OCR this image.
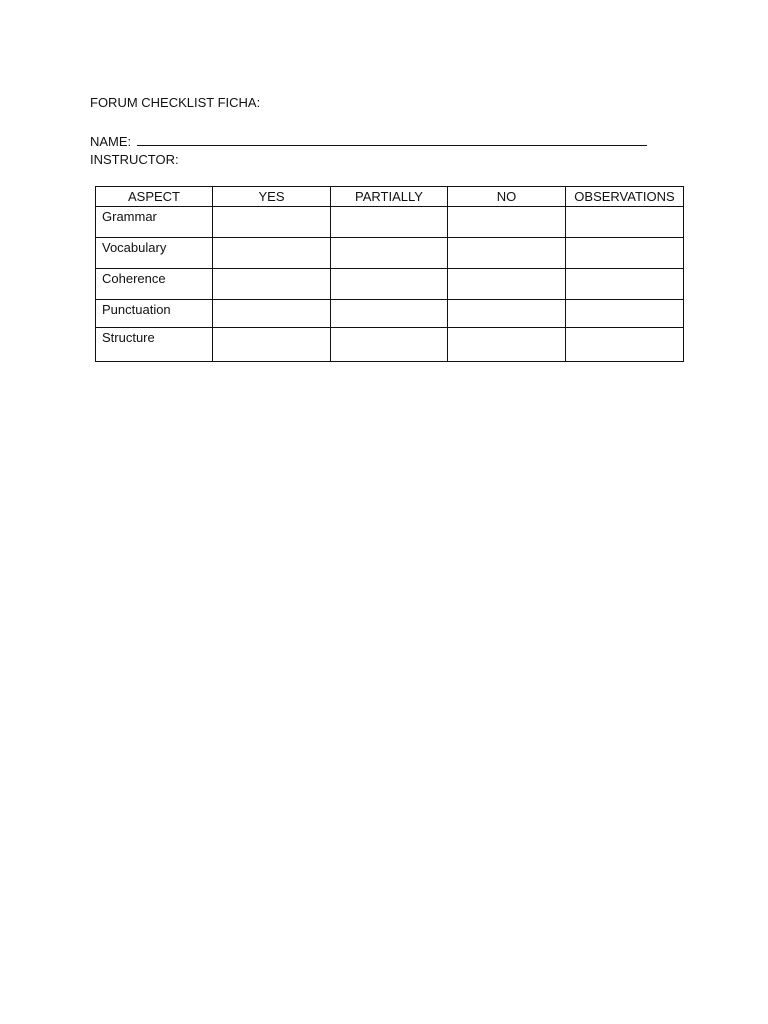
FORUM CHECKLIST FICHA:
NAME:
INSTRUCTOR:
ASPECT	YES	PARTIALLY	NO	OBSERVATIONS
Grammar				
Vocabulary				
Coherence				
Punctuation				
Structure				
